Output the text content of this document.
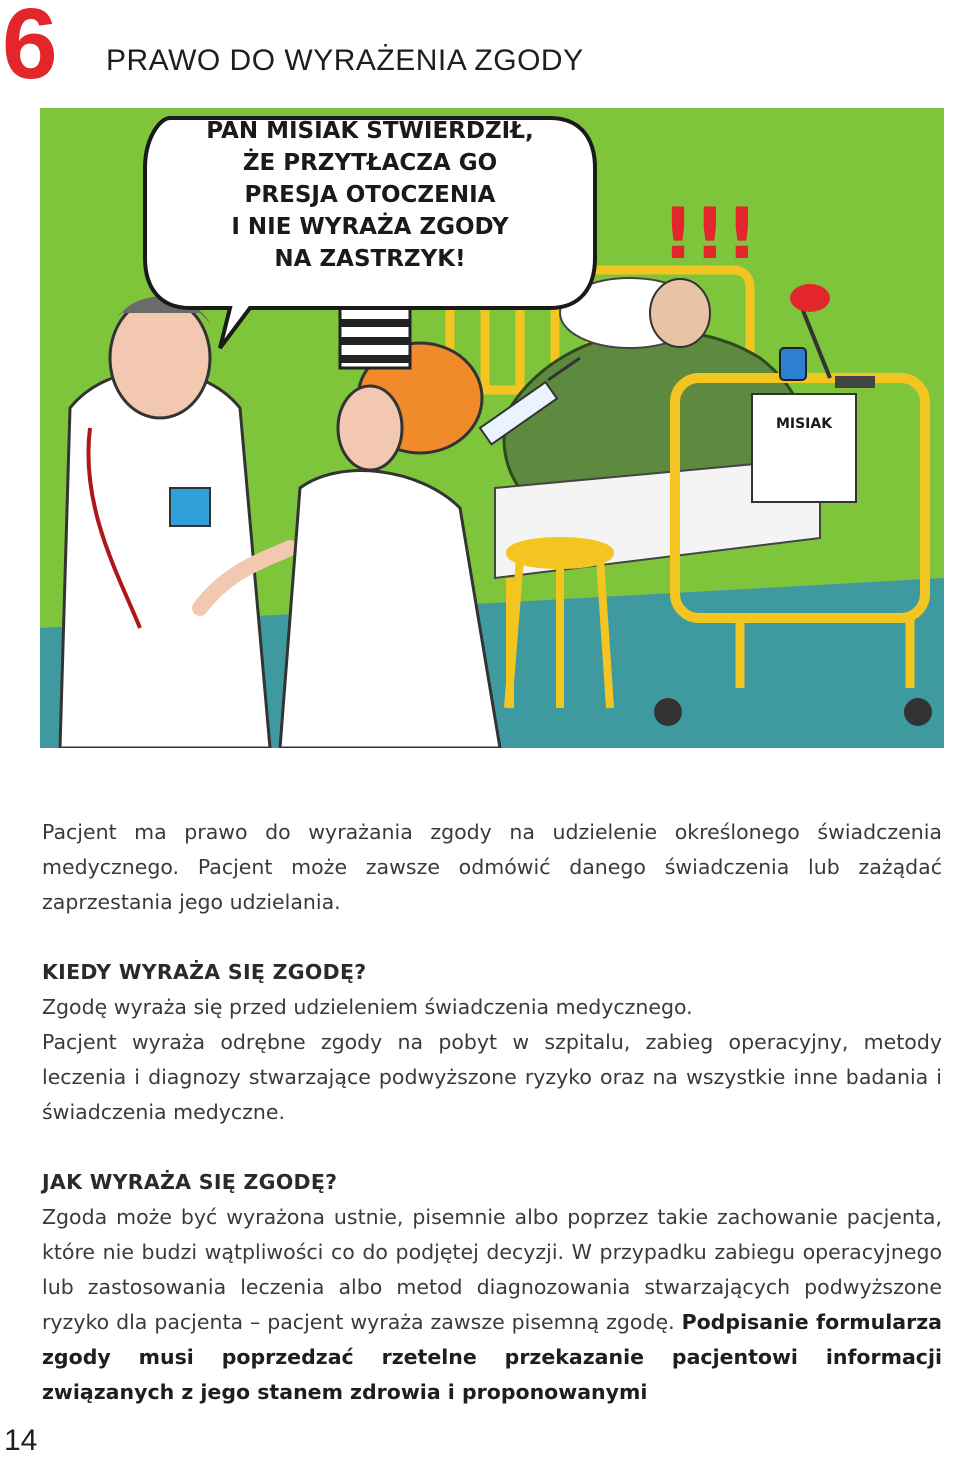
6 PRAWO DO WYRAŻENIA ZGODY
MISIAK
!!!
PAN MISIAK STWIERDZIŁ,
ŻE PRZYTŁACZA GO
PRESJA OTOCZENIA
I NIE WYRAŻA ZGODY
NA ZASTRZYK!

Pacjent ma prawo do wyrażania zgody na udzielenie określonego świadczenia medycznego. Pacjent może zawsze odmówić danego świadczenia lub zażądać zaprzestania jego udzielania.

KIEDY WYRAŻA SIĘ ZGODĘ?

Zgodę wyraża się przed udzieleniem świadczenia medycznego.

Pacjent wyraża odrębne zgody na pobyt w szpitalu, zabieg operacyjny, metody leczenia i diagnozy stwarzające podwyższone ryzyko oraz na wszystkie inne badania i świadczenia medyczne.

JAK WYRAŻA SIĘ ZGODĘ?

Zgoda może być wyrażona ustnie, pisemnie albo poprzez takie zachowanie pacjenta, które nie budzi wątpliwości co do podjętej decyzji. W przypadku zabiegu operacyjnego lub zastosowania leczenia albo metod diagnozowania stwarzających podwyższone ryzyko dla pacjenta – pacjent wyraża zawsze pisemną zgodę. Podpisanie formularza zgody musi poprzedzać rzetelne przekazanie pacjentowi informacji związanych z jego stanem zdrowia i proponowanymi

14
